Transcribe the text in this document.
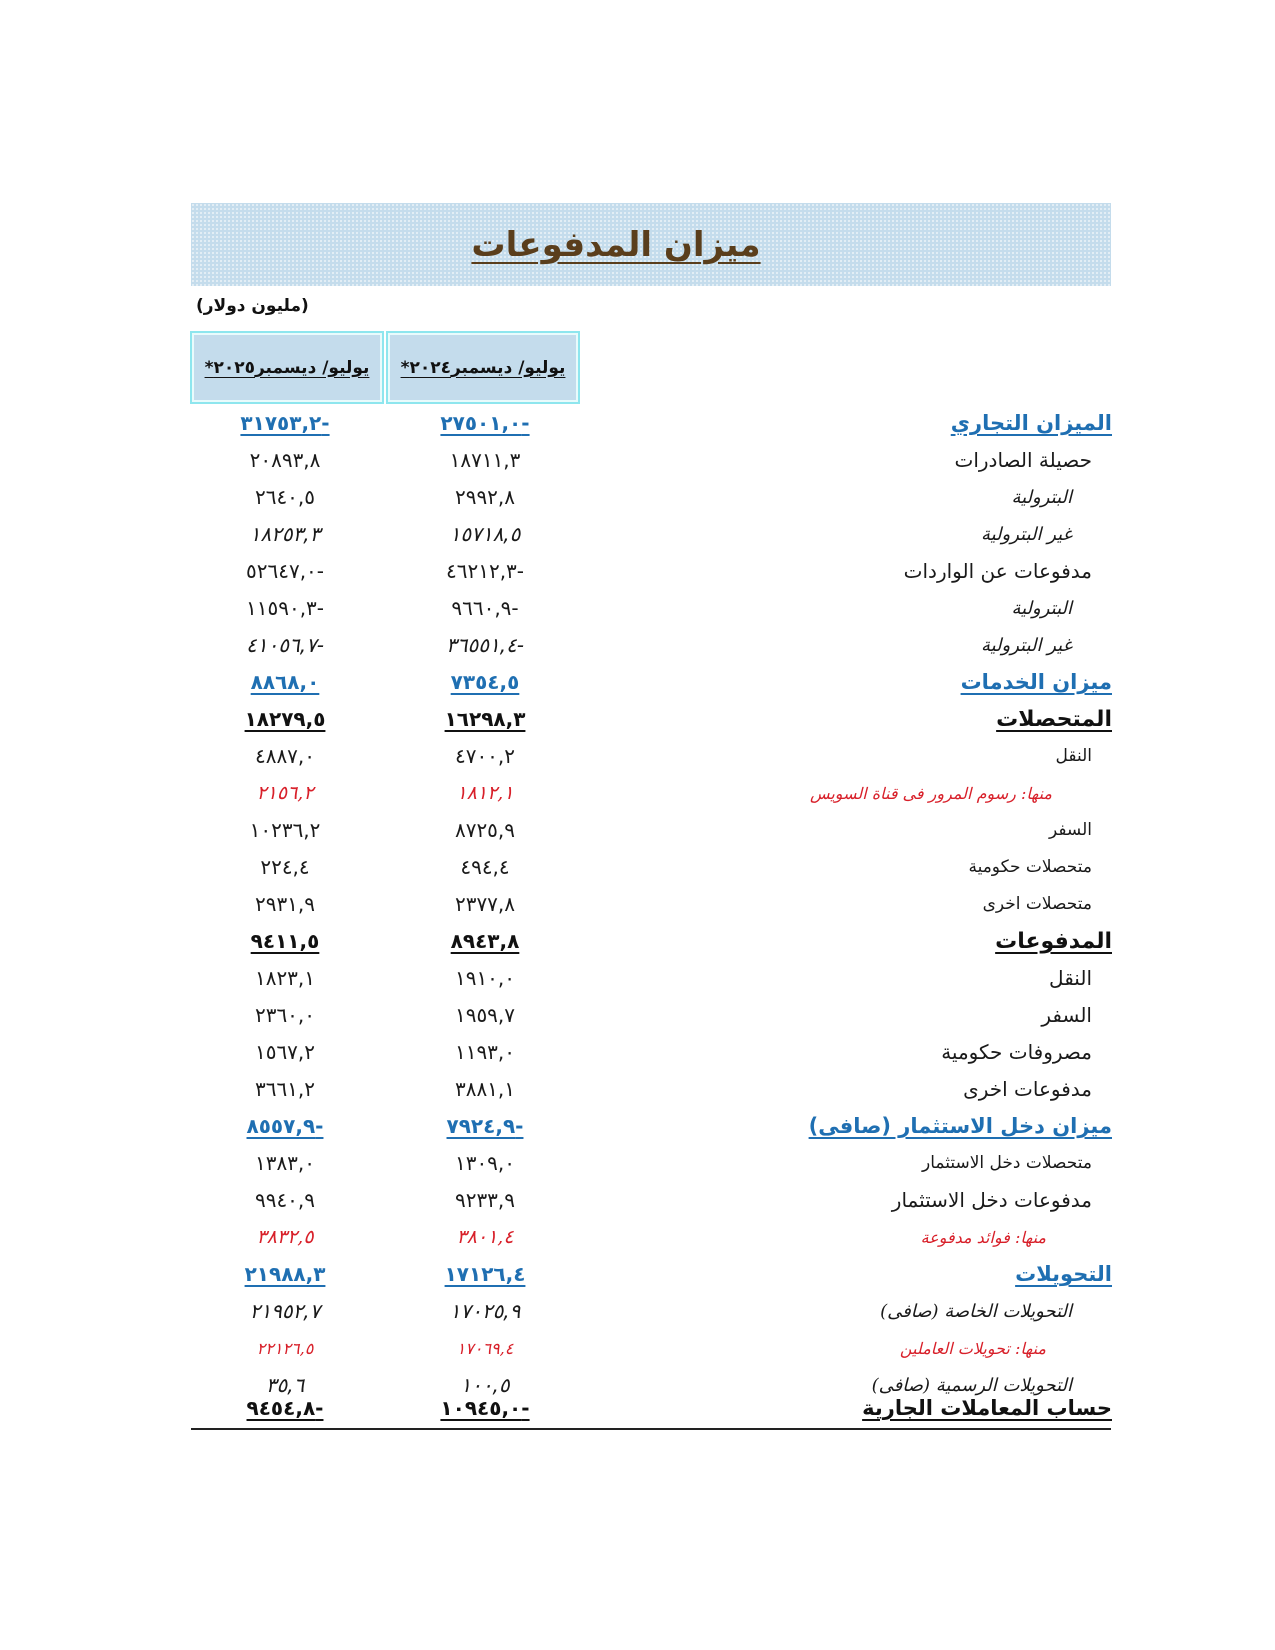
ميزان المدفوعات
(مليون دولار)
يوليو/ ديسمبر٢٠٢٤*
يوليو/ ديسمبر٢٠٢٥*
الميزان التجاري
-٢٧٥٠١,٠
-٣١٧٥٣,٢
حصيلة الصادرات
١٨٧١١,٣
٢٠٨٩٣,٨
البترولية
٢٩٩٢,٨
٢٦٤٠,٥
غير البترولية
١٥٧١٨,٥
١٨٢٥٣,٣
مدفوعات عن الواردات
-٤٦٢١٢,٣
-٥٢٦٤٧,٠
البترولية
-٩٦٦٠,٩
-١١٥٩٠,٣
غير البترولية
-٣٦٥٥١,٤
-٤١٠٥٦,٧
ميزان الخدمات
٧٣٥٤,٥
٨٨٦٨,٠
المتحصلات
١٦٢٩٨,٣
١٨٢٧٩,٥
النقل
٤٧٠٠,٢
٤٨٨٧,٠
منها: رسوم المرور فى قناة السويس
١٨١٢,١
٢١٥٦,٢
السفر
٨٧٢٥,٩
١٠٢٣٦,٢
متحصلات حكومية
٤٩٤,٤
٢٢٤,٤
متحصلات اخرى
٢٣٧٧,٨
٢٩٣١,٩
المدفوعات
٨٩٤٣,٨
٩٤١١,٥
النقل
١٩١٠,٠
١٨٢٣,١
السفر
١٩٥٩,٧
٢٣٦٠,٠
مصروفات حكومية
١١٩٣,٠
١٥٦٧,٢
مدفوعات اخرى
٣٨٨١,١
٣٦٦١,٢
ميزان دخل الاستثمار (صافى)
-٧٩٢٤,٩
-٨٥٥٧,٩
متحصلات دخل الاستثمار
١٣٠٩,٠
١٣٨٣,٠
مدفوعات دخل الاستثمار
٩٢٣٣,٩
٩٩٤٠,٩
منها: فوائد مدفوعة
٣٨٠١,٤
٣٨٣٢,٥
التحويلات
١٧١٢٦,٤
٢١٩٨٨,٣
التحويلات الخاصة (صافى)
١٧٠٢٥,٩
٢١٩٥٢,٧
منها: تحويلات العاملين
١٧٠٦٩,٤
٢٢١٢٦,٥
التحويلات الرسمية (صافى)
١٠٠,٥
٣٥,٦
حساب المعاملات الجارية
-١٠٩٤٥,٠
-٩٤٥٤,٨
